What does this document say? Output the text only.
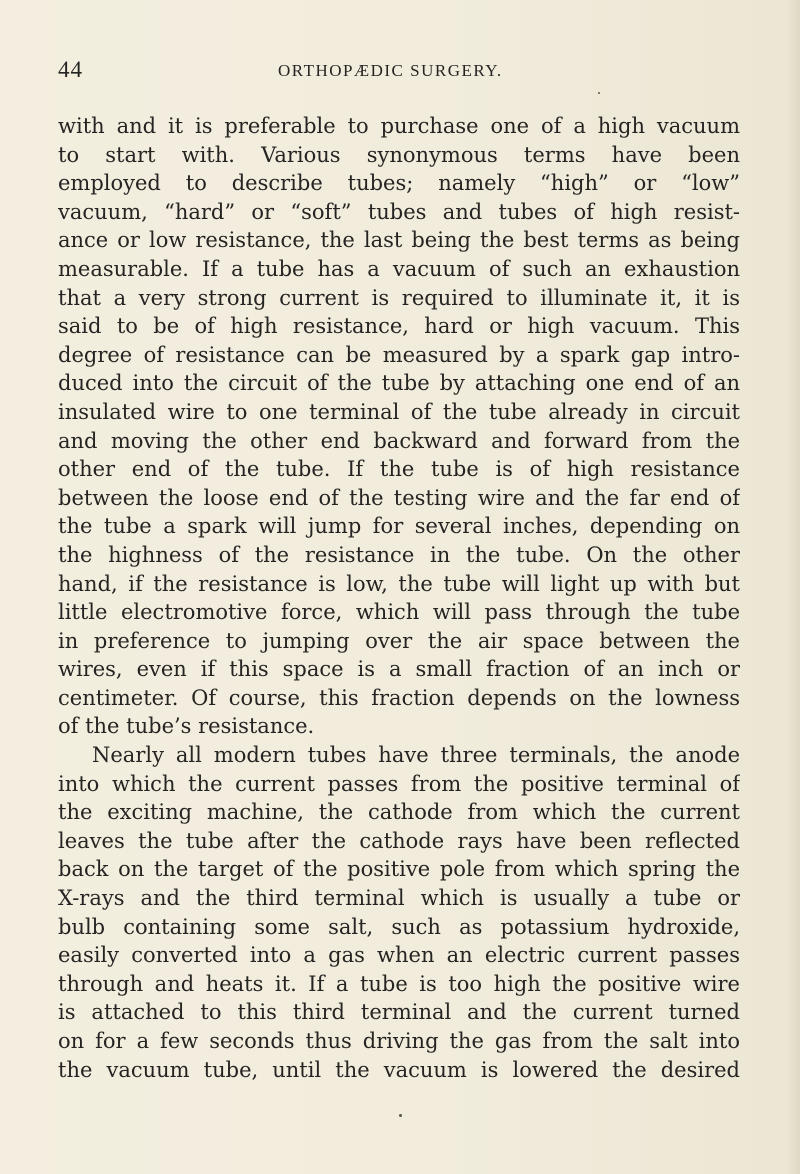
44	ORTHOPÆDIC SURGERY.
with and it is preferable to purchase one of a high vacuum
to start with. Various synonymous terms have been
employed to describe tubes; namely “high” or “low”
vacuum, “hard” or “soft” tubes and tubes of high resist-
ance or low resistance, the last being the best terms as being
measurable. If a tube has a vacuum of such an exhaustion
that a very strong current is required to illuminate it, it is
said to be of high resistance, hard or high vacuum. This
degree of resistance can be measured by a spark gap intro-
duced into the circuit of the tube by attaching one end of an
insulated wire to one terminal of the tube already in circuit
and moving the other end backward and forward from the
other end of the tube. If the tube is of high resistance
between the loose end of the testing wire and the far end of
the tube a spark will jump for several inches, depending on
the highness of the resistance in the tube. On the other
hand, if the resistance is low, the tube will light up with but
little electromotive force, which will pass through the tube
in preference to jumping over the air space between the
wires, even if this space is a small fraction of an inch or
centimeter. Of course, this fraction depends on the lowness
of the tube’s resistance.
Nearly all modern tubes have three terminals, the anode
into which the current passes from the positive terminal of
the exciting machine, the cathode from which the current
leaves the tube after the cathode rays have been reflected
back on the target of the positive pole from which spring the
X-rays and the third terminal which is usually a tube or
bulb containing some salt, such as potassium hydroxide,
easily converted into a gas when an electric current passes
through and heats it. If a tube is too high the positive wire
is attached to this third terminal and the current turned
on for a few seconds thus driving the gas from the salt into
the vacuum tube, until the vacuum is lowered the desired
